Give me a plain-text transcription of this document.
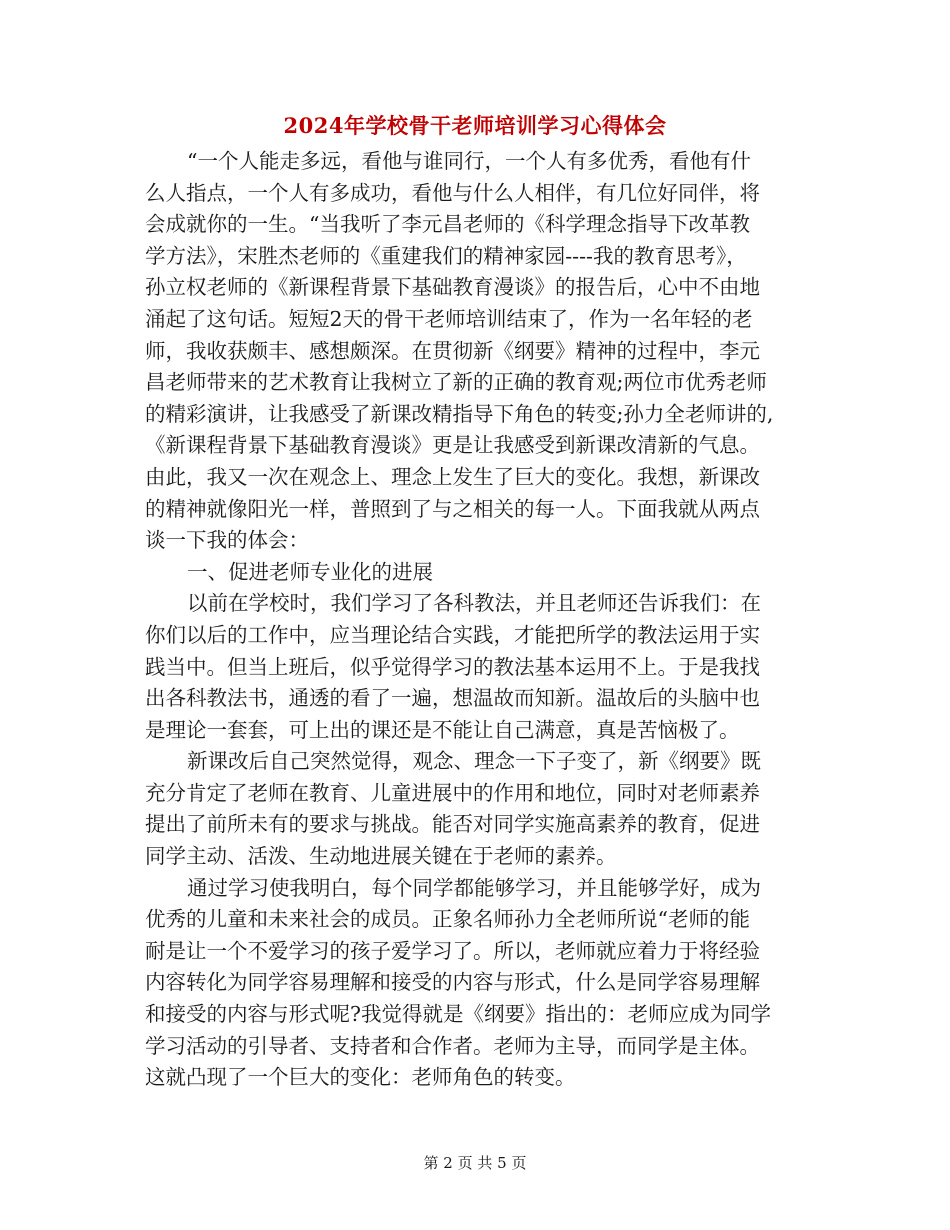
2024年学校骨干老师培训学习心得体会
“一个人能走多远，看他与谁同行，一个人有多优秀，看他有什
么人指点，一个人有多成功，看他与什么人相伴，有几位好同伴，将
会成就你的一生。“当我听了李元昌老师的《科学理念指导下改革教
学方法》，宋胜杰老师的《重建我们的精神家园----我的教育思考》，
孙立权老师的《新课程背景下基础教育漫谈》的报告后，心中不由地
涌起了这句话。短短2天的骨干老师培训结束了，作为一名年轻的老
师，我收获颇丰、感想颇深。在贯彻新《纲要》精神的过程中，李元
昌老师带来的艺术教育让我树立了新的正确的教育观;两位市优秀老师
的精彩演讲，让我感受了新课改精指导下角色的转变;孙力全老师讲的,
《新课程背景下基础教育漫谈》更是让我感受到新课改清新的气息。
由此，我又一次在观念上、理念上发生了巨大的变化。我想，新课改
的精神就像阳光一样，普照到了与之相关的每一人。下面我就从两点
谈一下我的体会：
一、促进老师专业化的进展
以前在学校时，我们学习了各科教法，并且老师还告诉我们：在
你们以后的工作中，应当理论结合实践，才能把所学的教法运用于实
践当中。但当上班后，似乎觉得学习的教法基本运用不上。于是我找
出各科教法书，通透的看了一遍，想温故而知新。温故后的头脑中也
是理论一套套，可上出的课还是不能让自己满意，真是苦恼极了。
新课改后自己突然觉得，观念、理念一下子变了，新《纲要》既
充分肯定了老师在教育、儿童进展中的作用和地位，同时对老师素养
提出了前所未有的要求与挑战。能否对同学实施高素养的教育，促进
同学主动、活泼、生动地进展关键在于老师的素养。
通过学习使我明白，每个同学都能够学习，并且能够学好，成为
优秀的儿童和未来社会的成员。正象名师孙力全老师所说“老师的能
耐是让一个不爱学习的孩子爱学习了。所以，老师就应着力于将经验
内容转化为同学容易理解和接受的内容与形式，什么是同学容易理解
和接受的内容与形式呢?我觉得就是《纲要》指出的：老师应成为同学
学习活动的引导者、支持者和合作者。老师为主导，而同学是主体。
这就凸现了一个巨大的变化：老师角色的转变。
第 2 页 共 5 页
